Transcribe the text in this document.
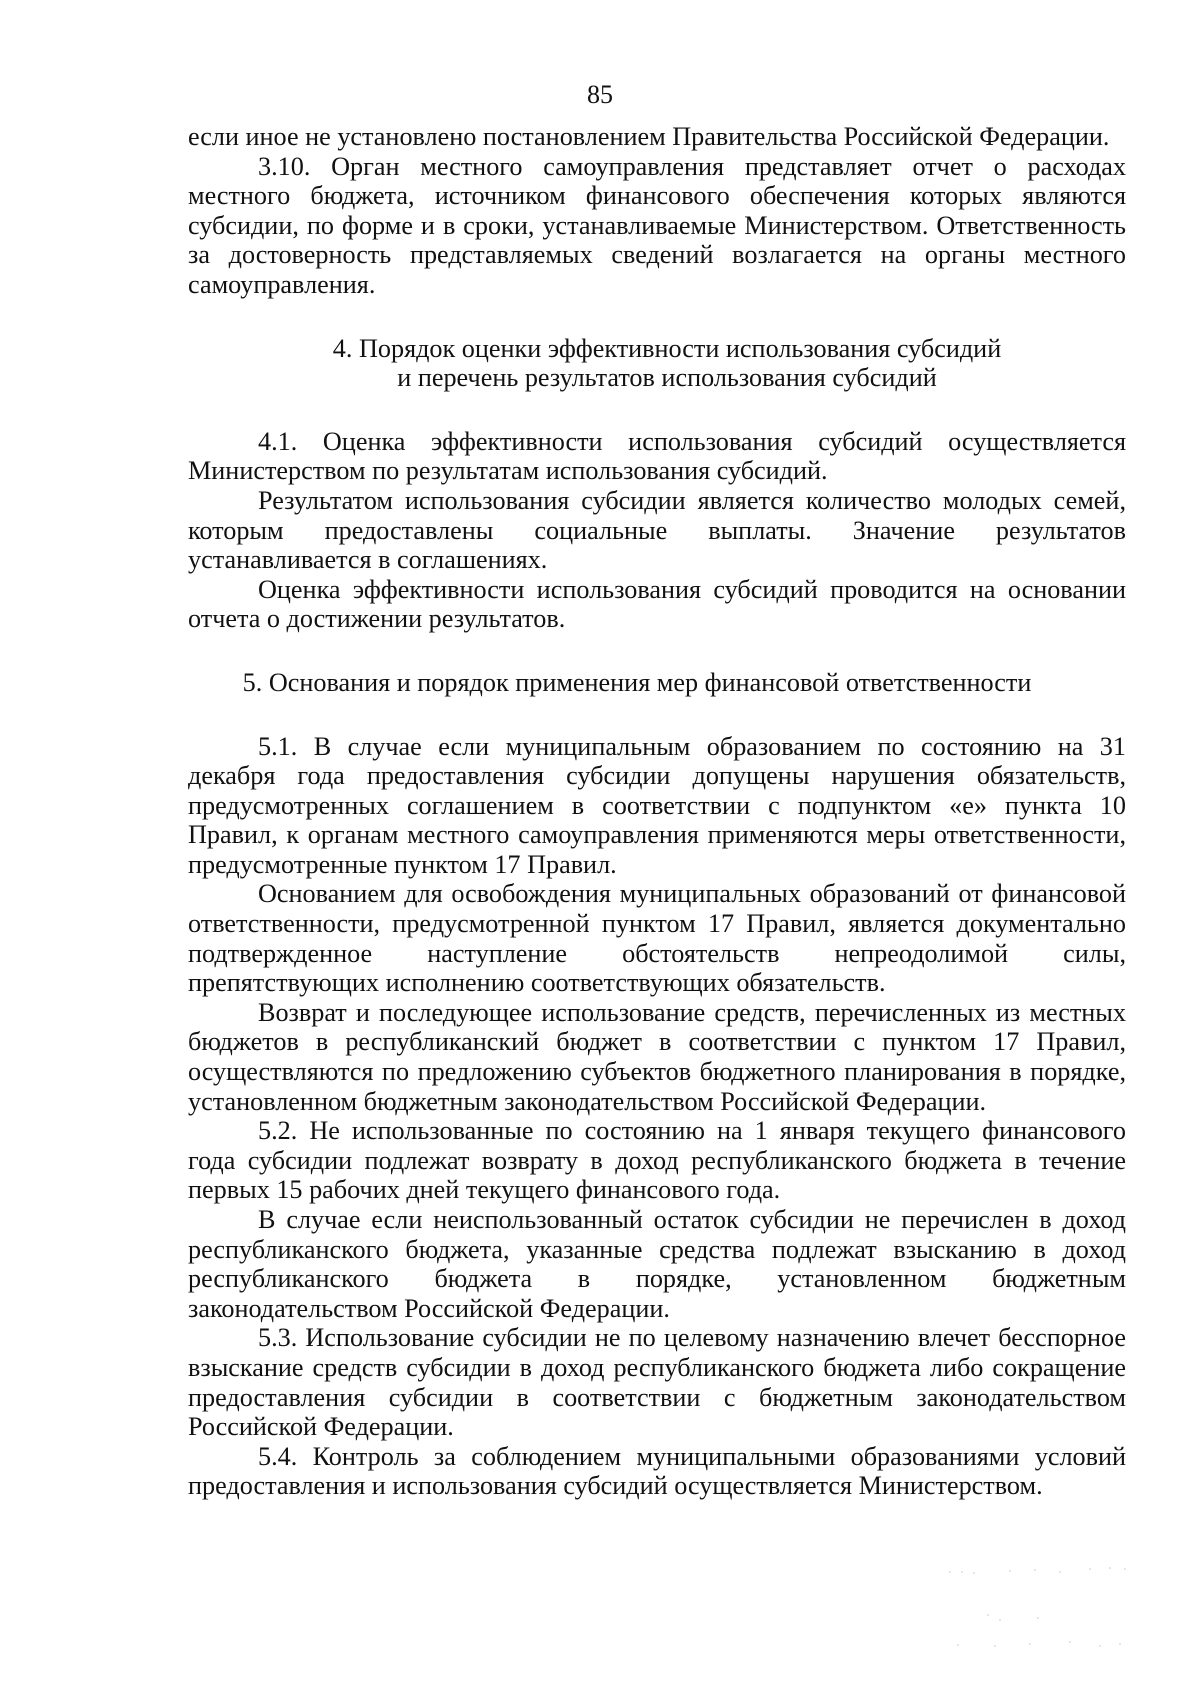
85

если иное не установлено постановлением Правительства Российской Федерации.

3.10. Орган местного самоуправления представляет отчет о расходах местного бюджета, источником финансового обеспечения которых являются субсидии, по форме и в сроки, устанавливаемые Министерством. Ответственность за достоверность представляемых сведений возлагается на органы местного самоуправления.

4. Порядок оценки эффективности использования субсидий

и перечень результатов использования субсидий

4.1. Оценка эффективности использования субсидий осуществляется Министерством по результатам использования субсидий.

Результатом использования субсидии является количество молодых семей, которым предоставлены социальные выплаты. Значение результатов устанавливается в соглашениях.

Оценка эффективности использования субсидий проводится на основании отчета о достижении результатов.

5. Основания и порядок применения мер финансовой ответственности

5.1. В случае если муниципальным образованием по состоянию на 31 декабря года предоставления субсидии допущены нарушения обязательств, предусмотренных соглашением в соответствии с подпунктом «е» пункта 10 Правил, к органам местного самоуправления применяются меры ответственности, предусмотренные пунктом 17 Правил.

Основанием для освобождения муниципальных образований от финансовой ответственности, предусмотренной пунктом 17 Правил, является документально подтвержденное наступление обстоятельств непреодолимой силы, препятствующих исполнению соответствующих обязательств.

Возврат и последующее использование средств, перечисленных из местных бюджетов в республиканский бюджет в соответствии с пунктом 17 Правил, осуществляются по предложению субъектов бюджетного планирования в порядке, установленном бюджетным законодательством Российской Федерации.

5.2. Не использованные по состоянию на 1 января текущего финансового года субсидии подлежат возврату в доход республиканского бюджета в течение первых 15 рабочих дней текущего финансового года.

В случае если неиспользованный остаток субсидии не перечислен в доход республиканского бюджета, указанные средства подлежат взысканию в доход республиканского бюджета в порядке, установленном бюджетным законодательством Российской Федерации.

5.3. Использование субсидии не по целевому назначению влечет бесспорное взыскание средств субсидии в доход республиканского бюджета либо сокращение предоставления субсидии в соответствии с бюджетным законодательством Российской Федерации.

5.4. Контроль за соблюдением муниципальными образованиями условий предоставления и использования субсидий осуществляется Министерством.
